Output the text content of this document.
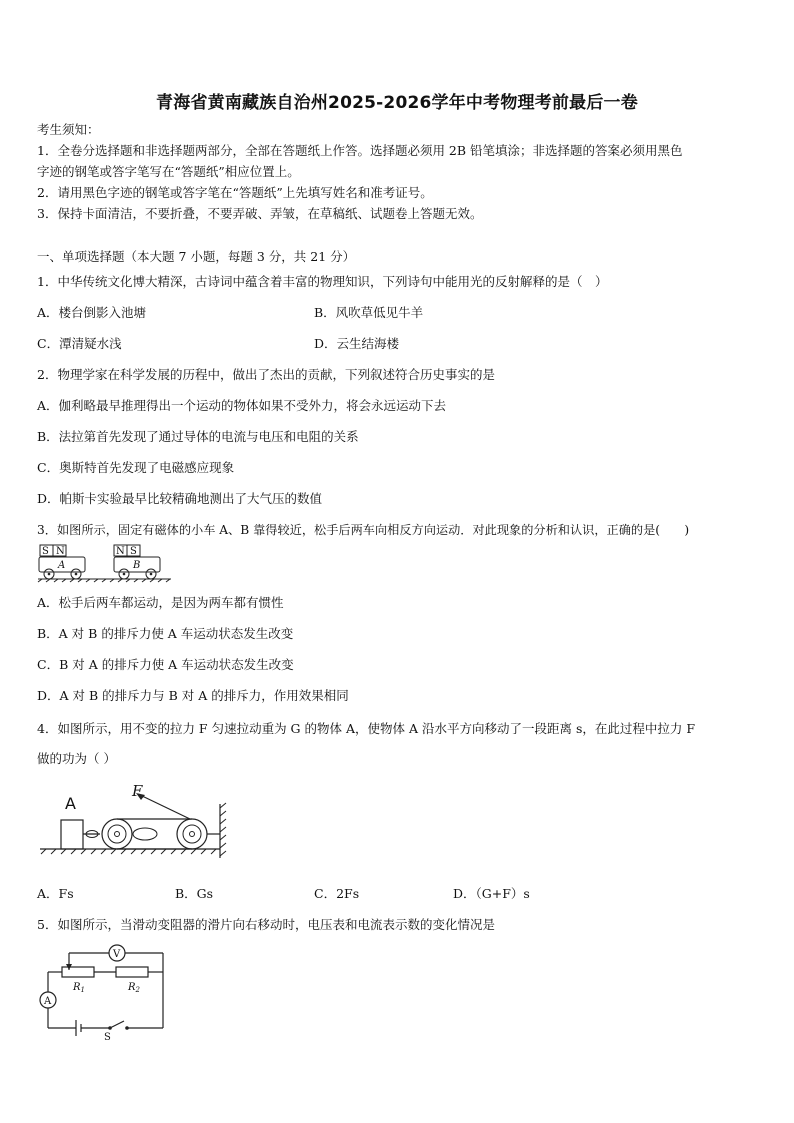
青海省黄南藏族自治州2025-2026学年中考物理考前最后一卷
考生须知：
1．全卷分选择题和非选择题两部分，全部在答题纸上作答。选择题必须用 2B 铅笔填涂；非选择题的答案必须用黑色
字迹的钢笔或答字笔写在“答题纸”相应位置上。
2．请用黑色字迹的钢笔或答字笔在“答题纸”上先填写姓名和准考证号。
3．保持卡面清洁，不要折叠，不要弄破、弄皱，在草稿纸、试题卷上答题无效。
一、单项选择题（本大题 7 小题，每题 3 分，共 21 分）
1．中华传统文化博大精深，古诗词中蕴含着丰富的物理知识，下列诗句中能用光的反射解释的是（　）
A．楼台倒影入池塘	B．风吹草低见牛羊
C．潭清疑水浅	D．云生结海楼
2．物理学家在科学发展的历程中，做出了杰出的贡献，下列叙述符合历史事实的是
A．伽利略最早推理得出一个运动的物体如果不受外力，将会永远运动下去
B．法拉第首先发现了通过导体的电流与电压和电阻的关系
C．奥斯特首先发现了电磁感应现象
D．帕斯卡实验最早比较精确地测出了大气压的数值
3．如图所示，固定有磁体的小车 A、B 靠得较近，松手后两车向相反方向运动．对此现象的分析和认识，正确的是(　　)
S N
A
N S
B
A．松手后两车都运动，是因为两车都有惯性
B．A 对 B 的排斥力使 A 车运动状态发生改变
C．B 对 A 的排斥力使 A 车运动状态发生改变
D．A 对 B 的排斥力与 B 对 A 的排斥力，作用效果相同
4．如图所示，用不变的拉力 F 匀速拉动重为 G 的物体 A，使物体 A 沿水平方向移动了一段距离 s，在此过程中拉力 F
做的功为（ ）
A
F
A．Fs	B．Gs	C．2Fs	D．（G+F）s
5．如图所示，当滑动变阻器的滑片向右移动时，电压表和电流表示数的变化情况是
V
$R_1$	$R_2$
A
S
